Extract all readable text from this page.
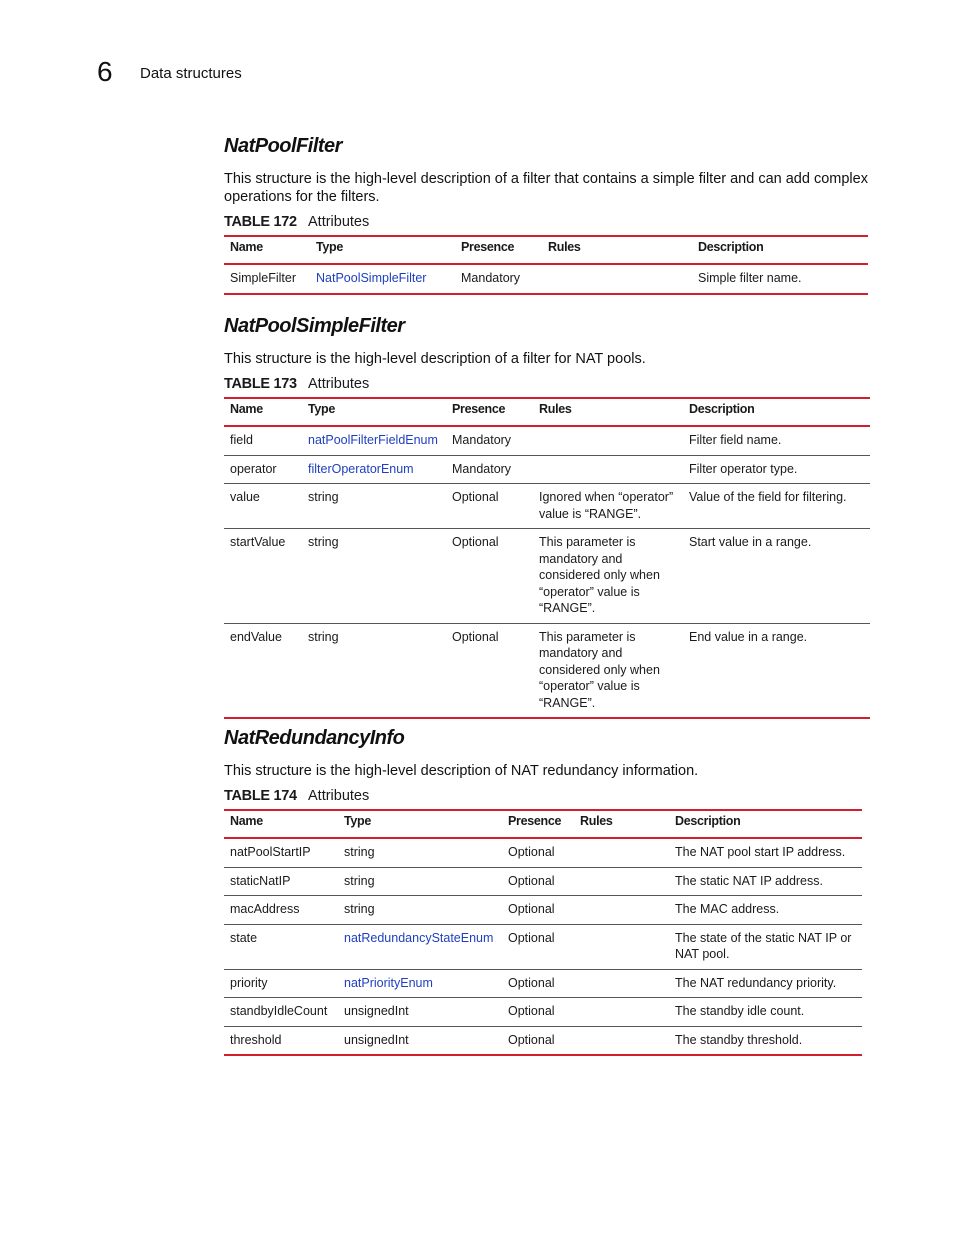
6 Data structures
NatPoolFilter

This structure is the high-level description of a filter that contains a simple filter and can add complex operations for the filters.

TABLE 172 Attributes
Name	Type	Presence	Rules	Description
SimpleFilter	NatPoolSimpleFilter	Mandatory		Simple filter name.
NatPoolSimpleFilter

This structure is the high-level description of a filter for NAT pools.

TABLE 173 Attributes
Name	Type	Presence	Rules	Description
field	natPoolFilterFieldEnum	Mandatory		Filter field name.
operator	filterOperatorEnum	Mandatory		Filter operator type.
value	string	Optional	Ignored when “operator” value is “RANGE”.	Value of the field for filtering.
startValue	string	Optional	This parameter is mandatory and considered only when “operator” value is “RANGE”.	Start value in a range.
endValue	string	Optional	This parameter is mandatory and considered only when “operator” value is “RANGE”.	End value in a range.
NatRedundancyInfo

This structure is the high-level description of NAT redundancy information.

TABLE 174 Attributes
Name	Type	Presence	Rules	Description
natPoolStartIP	string	Optional		The NAT pool start IP address.
staticNatIP	string	Optional		The static NAT IP address.
macAddress	string	Optional		The MAC address.
state	natRedundancyStateEnum	Optional		The state of the static NAT IP or NAT pool.
priority	natPriorityEnum	Optional		The NAT redundancy priority.
standbyIdleCount	unsignedInt	Optional		The standby idle count.
threshold	unsignedInt	Optional		The standby threshold.
